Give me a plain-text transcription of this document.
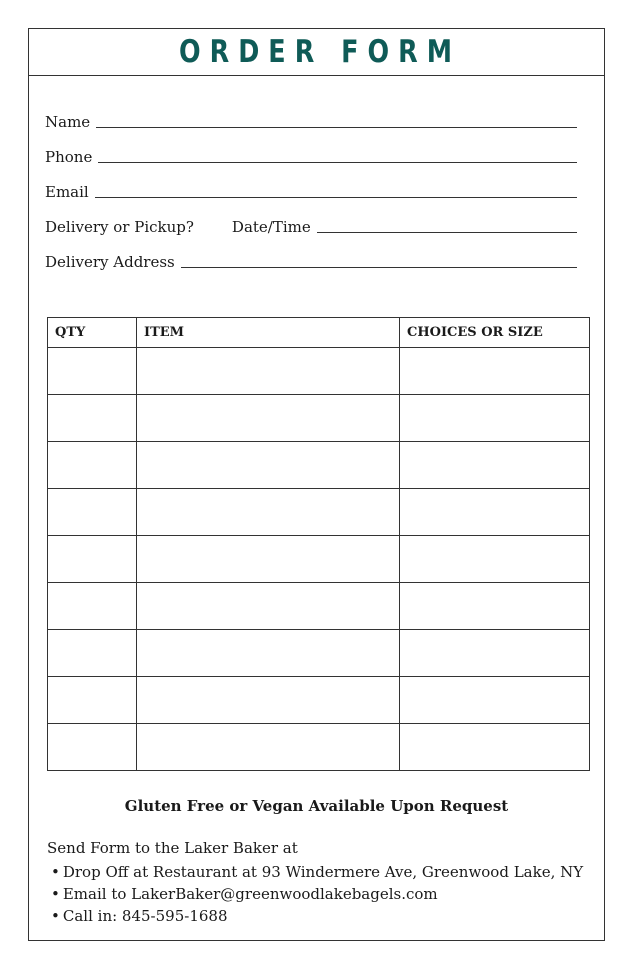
ORDER FORM
Name
Phone
Email
Delivery or Pickup?	Date/Time
Delivery Address
QTY	ITEM	CHOICES OR SIZE

Gluten Free or Vegan Available Upon Request
Send Form to the Laker Baker at
• Drop Off at Restaurant at 93 Windermere Ave, Greenwood Lake, NY
• Email to LakerBaker@greenwoodlakebagels.com
• Call in: 845-595-1688
